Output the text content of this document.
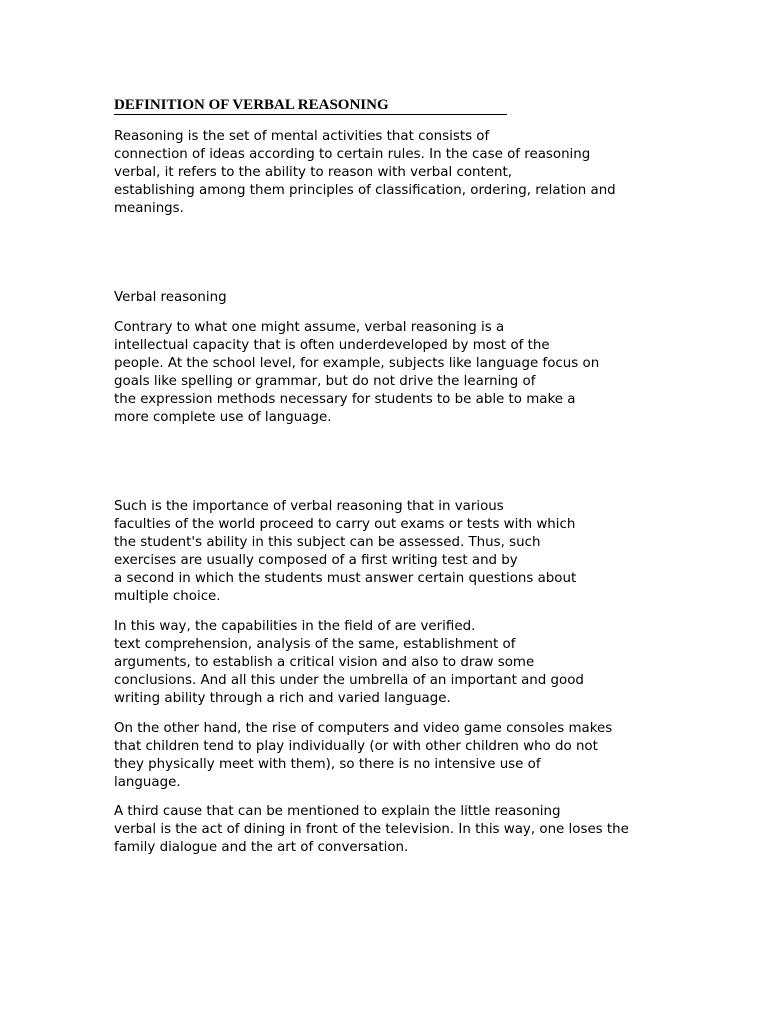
DEFINITION OF VERBAL REASONING

Reasoning is the set of mental activities that consists of
connection of ideas according to certain rules. In the case of reasoning
verbal, it refers to the ability to reason with verbal content,
establishing among them principles of classification, ordering, relation and
meanings.

Verbal reasoning

Contrary to what one might assume, verbal reasoning is a
intellectual capacity that is often underdeveloped by most of the
people. At the school level, for example, subjects like language focus on
goals like spelling or grammar, but do not drive the learning of
the expression methods necessary for students to be able to make a
more complete use of language.

Such is the importance of verbal reasoning that in various
faculties of the world proceed to carry out exams or tests with which
the student's ability in this subject can be assessed. Thus, such
exercises are usually composed of a first writing test and by
a second in which the students must answer certain questions about
multiple choice.

In this way, the capabilities in the field of are verified.
text comprehension, analysis of the same, establishment of
arguments, to establish a critical vision and also to draw some
conclusions. And all this under the umbrella of an important and good
writing ability through a rich and varied language.

On the other hand, the rise of computers and video game consoles makes
that children tend to play individually (or with other children who do not
they physically meet with them), so there is no intensive use of
language.

A third cause that can be mentioned to explain the little reasoning
verbal is the act of dining in front of the television. In this way, one loses the
family dialogue and the art of conversation.
